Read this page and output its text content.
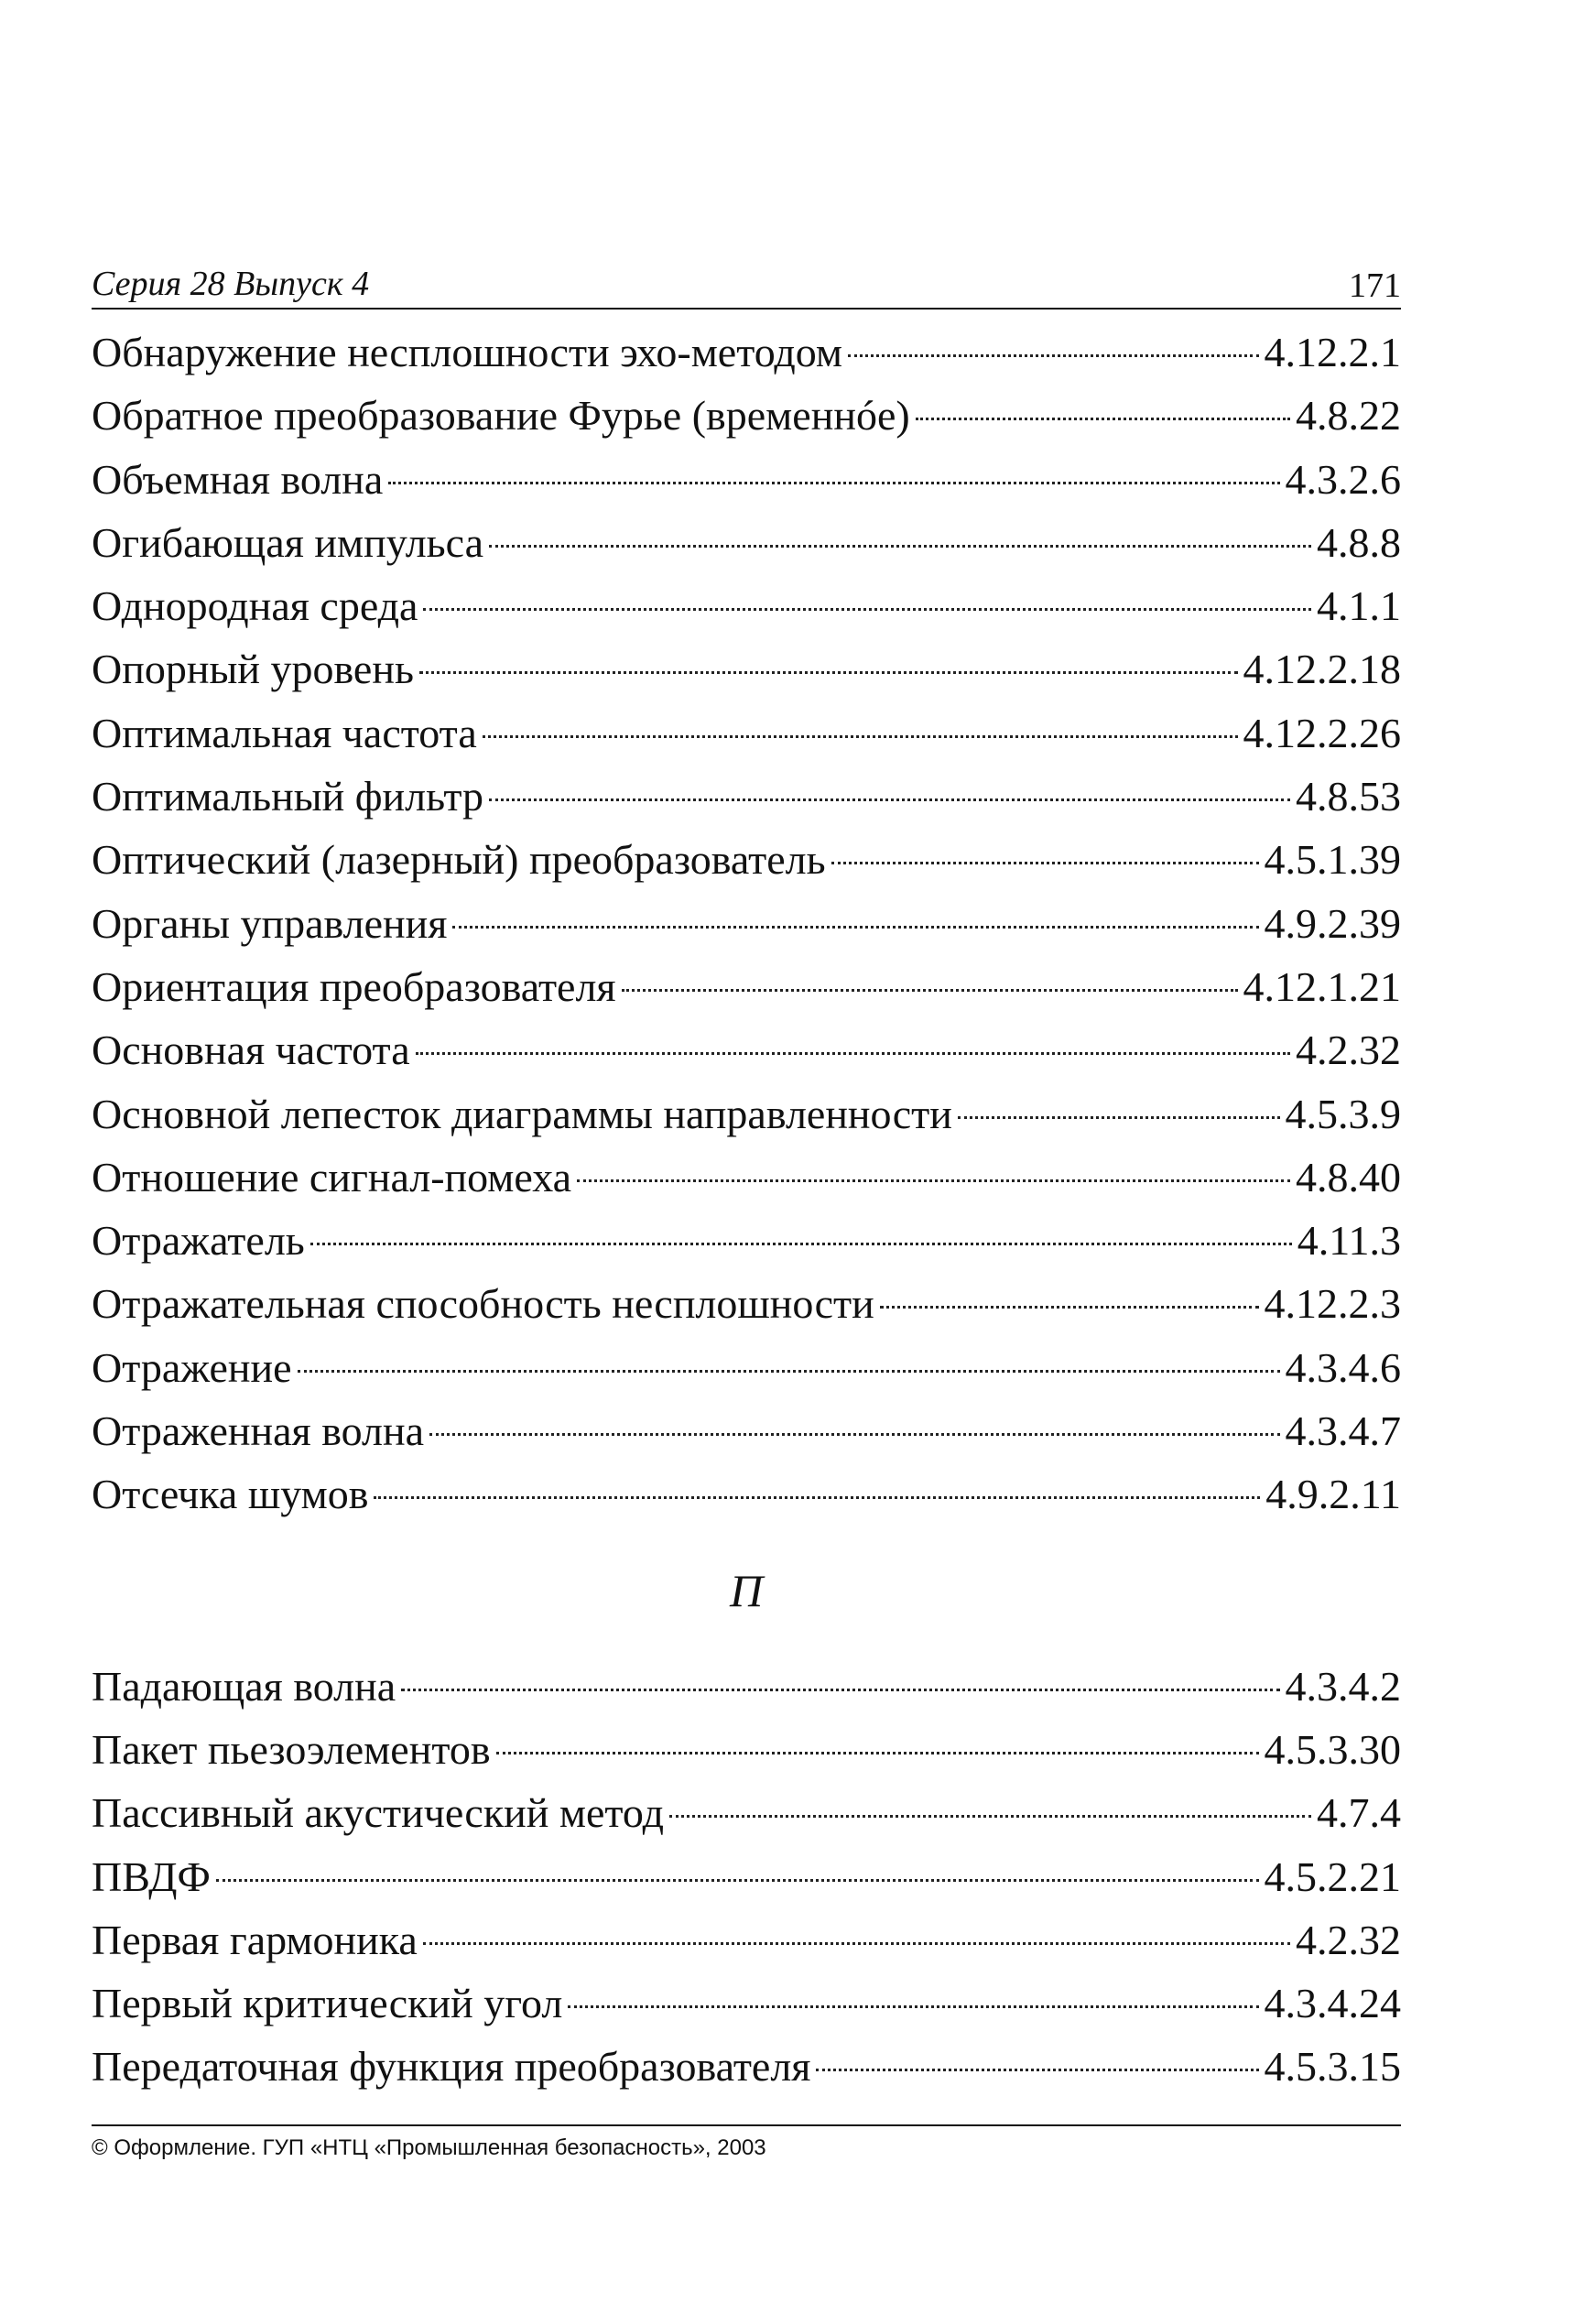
Серия 28 Выпуск 4	171
Обнаружение несплошности эхо-методом	4.12.2.1
Обратное преобразование Фурье (временнóе)	4.8.22
Объемная волна	4.3.2.6
Огибающая импульса	4.8.8
Однородная среда	4.1.1
Опорный уровень	4.12.2.18
Оптимальная частота	4.12.2.26
Оптимальный фильтр	4.8.53
Оптический (лазерный) преобразователь	4.5.1.39
Органы управления	4.9.2.39
Ориентация преобразователя	4.12.1.21
Основная частота	4.2.32
Основной лепесток диаграммы направленности	4.5.3.9
Отношение сигнал-помеха	4.8.40
Отражатель	4.11.3
Отражательная способность несплошности	4.12.2.3
Отражение	4.3.4.6
Отраженная волна	4.3.4.7
Отсечка шумов	4.9.2.11
П
Падающая волна	4.3.4.2
Пакет пьезоэлементов	4.5.3.30
Пассивный акустический метод	4.7.4
ПВДФ	4.5.2.21
Первая гармоника	4.2.32
Первый критический угол	4.3.4.24
Передаточная функция преобразователя	4.5.3.15
© Оформление. ГУП «НТЦ «Промышленная безопасность», 2003
